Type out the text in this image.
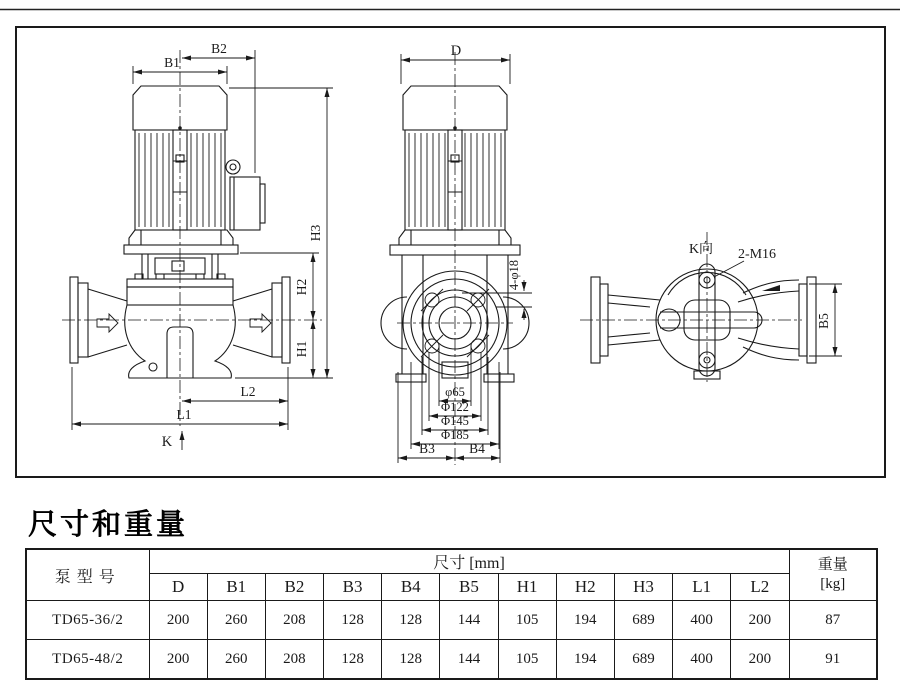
B2
B1
H3
H2
H1
L2
L1
K
D
4-φ18
φ65
Φ122
Φ145
Φ185
B3	B4
K向 2-M16
B5
尺寸和重量
泵型号	尺寸 [mm]											重量
[kg]
	D	B1	B2	B3	B4	B5	H1	H2	H3	L1	L2	
TD65-36/2	200	260	208	128	128	144	105	194	689	400	200	87
TD65-48/2	200	260	208	128	128	144	105	194	689	400	200	91
